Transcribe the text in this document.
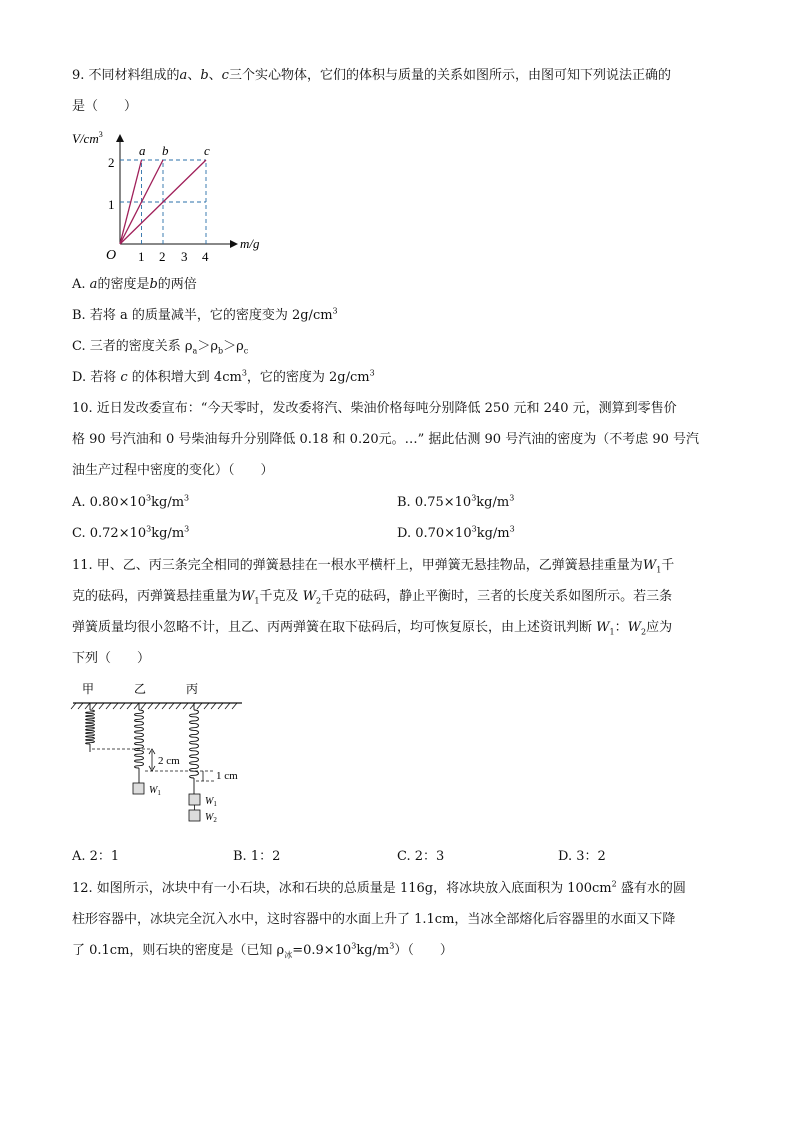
9. 不同材料组成的a、b、c三个实心物体，它们的体积与质量的关系如图所示，由图可知下列说法正确的
是（　　）
$V/cm^3$
m/g
O
1
2
1 2 3 4
a b	c
A. a的密度是b的两倍
B. 若将 a 的质量减半，它的密度变为 $2g/cm^3$
C. 三者的密度关系 $\rho_a>\rho_b>\rho_c$
D. 若将 c 的体积增大到 $4cm^3$，它的密度为 $2g/cm^3$
10. 近日发改委宣布：“今天零时，发改委将汽、柴油价格每吨分别降低 250 元和 240 元，测算到零售价
格 90 号汽油和 0 号柴油每升分别降低 0.18 和 0.20元。…” 据此估测 90 号汽油的密度为（不考虑 90 号汽
油生产过程中密度的变化）（　　）
A. $0.80\times 10^3kg/m^3$	B. $0.75\times 10^3kg/m^3$
C. $0.72\times 10^3kg/m^3$	D. $0.70\times 10^3kg/m^3$
11. 甲、乙、丙三条完全相同的弹簧悬挂在一根水平横杆上，甲弹簧无悬挂物品，乙弹簧悬挂重量为$W_1$千
克的砝码，丙弹簧悬挂重量为$W_1$千克及 $W_2$千克的砝码，静止平衡时，三者的长度关系如图所示。若三条
弹簧质量均很小忽略不计，且乙、丙两弹簧在取下砝码后，均可恢复原长，由上述资讯判断 $W_1$：$W_2$应为
下列（　　）
甲	乙	丙
2 cm
1 cm
$W_1$
$W_1$
$W_2$
A. 2：1	B. 1：2	C. 2：3	D. 3：2
12. 如图所示，冰块中有一小石块，冰和石块的总质量是 116g，将冰块放入底面积为 $100cm^2$ 盛有水的圆
柱形容器中，冰块完全沉入水中，这时容器中的水面上升了 1.1cm，当冰全部熔化后容器里的水面又下降
了 0.1cm，则石块的密度是（已知 $\rho_冰=0.9\times 10^3kg/m^3$）（　　）
